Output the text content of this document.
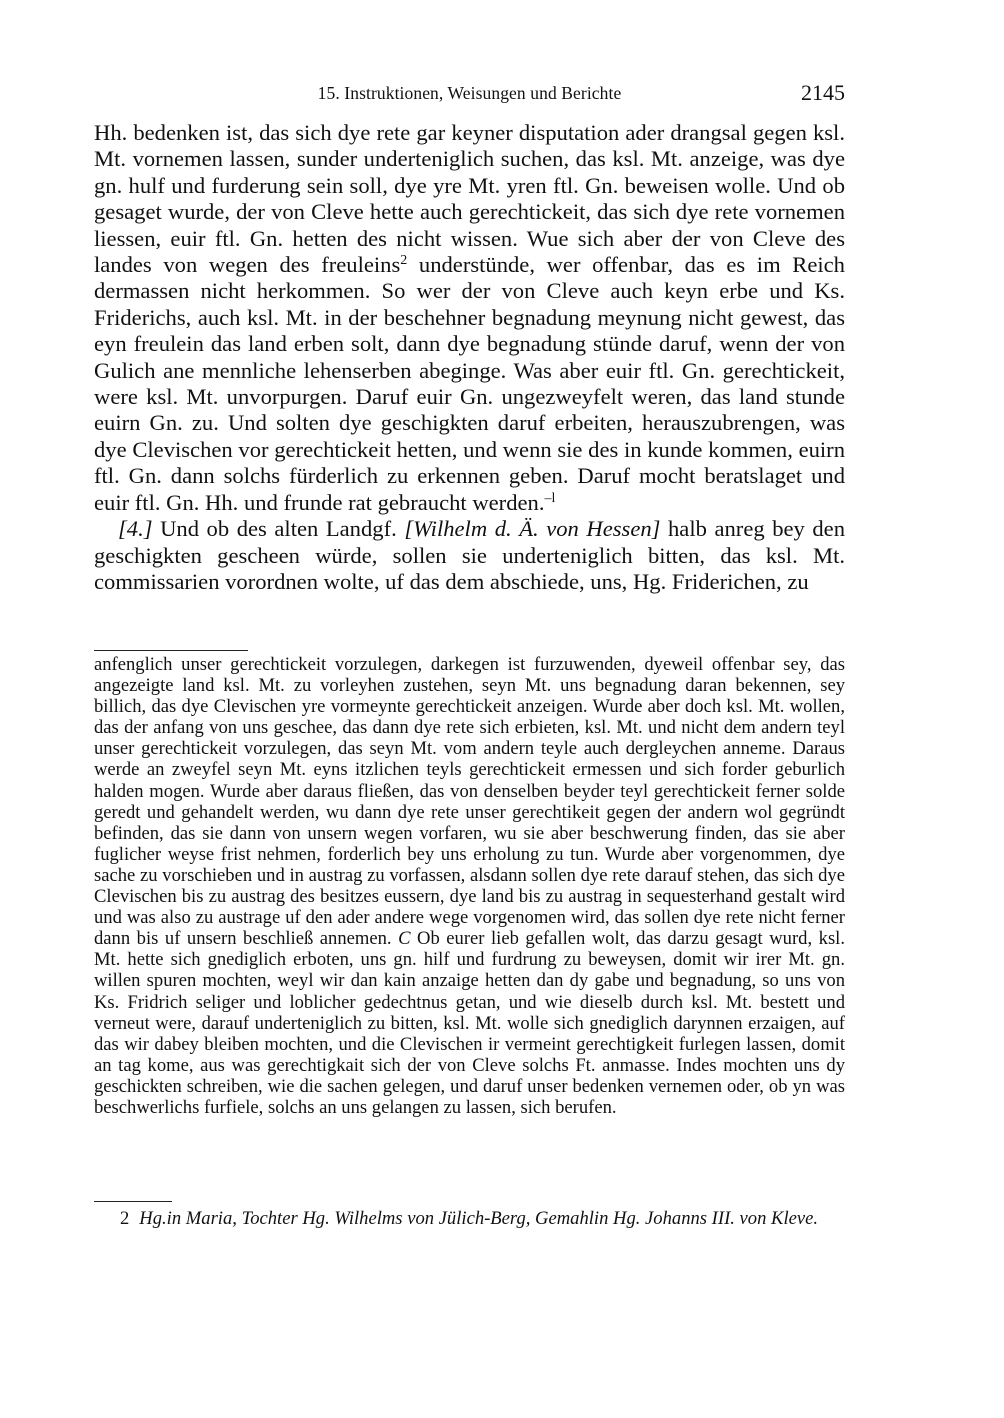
15. Instruktionen, Weisungen und Berichte	2145

Hh. bedenken ist, das sich dye rete gar keyner disputation ader drangsal gegen ksl. Mt. vornemen lassen, sunder underteniglich suchen, das ksl. Mt. anzeige, was dye gn. hulf und furderung sein soll, dye yre Mt. yren ftl. Gn. beweisen wolle. Und ob gesaget wurde, der von Cleve hette auch gerechtickeit, das sich dye rete vornemen liessen, euir ftl. Gn. hetten des nicht wissen. Wue sich aber der von Cleve des landes von wegen des freuleins$^2$ understünde, wer offenbar, das es im Reich dermassen nicht herkommen. So wer der von Cleve auch keyn erbe und Ks. Friderichs, auch ksl. Mt. in der beschehner begnadung meynung nicht gewest, das eyn freulein das land erben solt, dann dye begnadung stünde daruf, wenn der von Gulich ane mennliche lehenserben abeginge. Was aber euir ftl. Gn. gerechtickeit, were ksl. Mt. unvorpurgen. Daruf euir Gn. ungezweyfelt weren, das land stunde euirn Gn. zu. Und solten dye geschigkten daruf erbeiten, herauszubrengen, was dye Clevischen vor gerechtickeit hetten, und wenn sie des in kunde kommen, euirn ftl. Gn. dann solchs fürderlich zu erkennen geben. Daruf mocht beratslaget und euir ftl. Gn. Hh. und frunde rat gebraucht werden.$^{-l}$

[4.] Und ob des alten Landgf. [Wilhelm d. Ä. von Hessen] halb anreg bey den geschigkten gescheen würde, sollen sie underteniglich bitten, das ksl. Mt. commissarien vorordnen wolte, uf das dem abschiede, uns, Hg. Friderichen, zu

anfenglich unser gerechtickeit vorzulegen, darkegen ist furzuwenden, dyeweil offenbar sey, das angezeigte land ksl. Mt. zu vorleyhen zustehen, seyn Mt. uns begnadung daran bekennen, sey billich, das dye Clevischen yre vormeynte gerechtickeit anzeigen. Wurde aber doch ksl. Mt. wollen, das der anfang von uns geschee, das dann dye rete sich erbieten, ksl. Mt. und nicht dem andern teyl unser gerechtickeit vorzulegen, das seyn Mt. vom andern teyle auch dergleychen anneme. Daraus werde an zweyfel seyn Mt. eyns itzlichen teyls gerechtickeit ermessen und sich forder geburlich halden mogen. Wurde aber daraus fließen, das von denselben beyder teyl gerechtickeit ferner solde geredt und gehandelt werden, wu dann dye rete unser gerechtikeit gegen der andern wol gegründt befinden, das sie dann von unsern wegen vorfaren, wu sie aber beschwerung finden, das sie aber fuglicher weyse frist nehmen, forderlich bey uns erholung zu tun. Wurde aber vorgenommen, dye sache zu vorschieben und in austrag zu vorfassen, alsdann sollen dye rete darauf stehen, das sich dye Clevischen bis zu austrag des besitzes eussern, dye land bis zu austrag in sequesterhand gestalt wird und was also zu austrage uf den ader andere wege vorgenomen wird, das sollen dye rete nicht ferner dann bis uf unsern beschließ annemen. C Ob eurer lieb gefallen wolt, das darzu gesagt wurd, ksl. Mt. hette sich gnediglich erboten, uns gn. hilf und furdrung zu beweysen, domit wir irer Mt. gn. willen spuren mochten, weyl wir dan kain anzaige hetten dan dy gabe und begnadung, so uns von Ks. Fridrich seliger und loblicher gedechtnus getan, und wie dieselb durch ksl. Mt. bestett und verneut were, darauf underteniglich zu bitten, ksl. Mt. wolle sich gnediglich darynnen erzaigen, auf das wir dabey bleiben mochten, und die Clevischen ir vermeint gerechtigkeit furlegen lassen, domit an tag kome, aus was gerechtigkait sich der von Cleve solchs Ft. anmasse. Indes mochten uns dy geschickten schreiben, wie die sachen gelegen, und daruf unser bedenken vernemen oder, ob yn was beschwerlichs furfiele, solchs an uns gelangen zu lassen, sich berufen.

2 Hg.in Maria, Tochter Hg. Wilhelms von Jülich-Berg, Gemahlin Hg. Johanns III. von Kleve.
